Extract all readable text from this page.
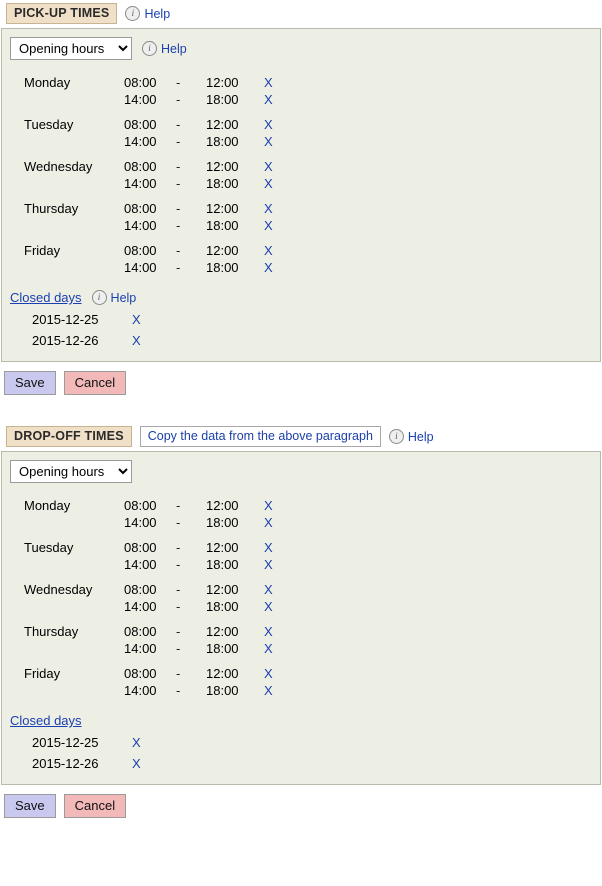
PICK-UP TIMES	i Help
Opening hours
i Help
Monday	08:00	-	12:00	X
	14:00	-	18:00	X
Tuesday	08:00	-	12:00	X
	14:00	-	18:00	X
Wednesday	08:00	-	12:00	X
	14:00	-	18:00	X
Thursday	08:00	-	12:00	X
	14:00	-	18:00	X
Friday	08:00	-	12:00	X
	14:00	-	18:00	X
Closed days	i Help
2015-12-25	X
2015-12-26	X
Save	Cancel
DROP-OFF TIMES	Copy the data from the above paragraph	i Help
Opening hours
Monday	08:00	-	12:00	X
	14:00	-	18:00	X
Tuesday	08:00	-	12:00	X
	14:00	-	18:00	X
Wednesday	08:00	-	12:00	X
	14:00	-	18:00	X
Thursday	08:00	-	12:00	X
	14:00	-	18:00	X
Friday	08:00	-	12:00	X
	14:00	-	18:00	X
Closed days
2015-12-25	X
2015-12-26	X
Save	Cancel
